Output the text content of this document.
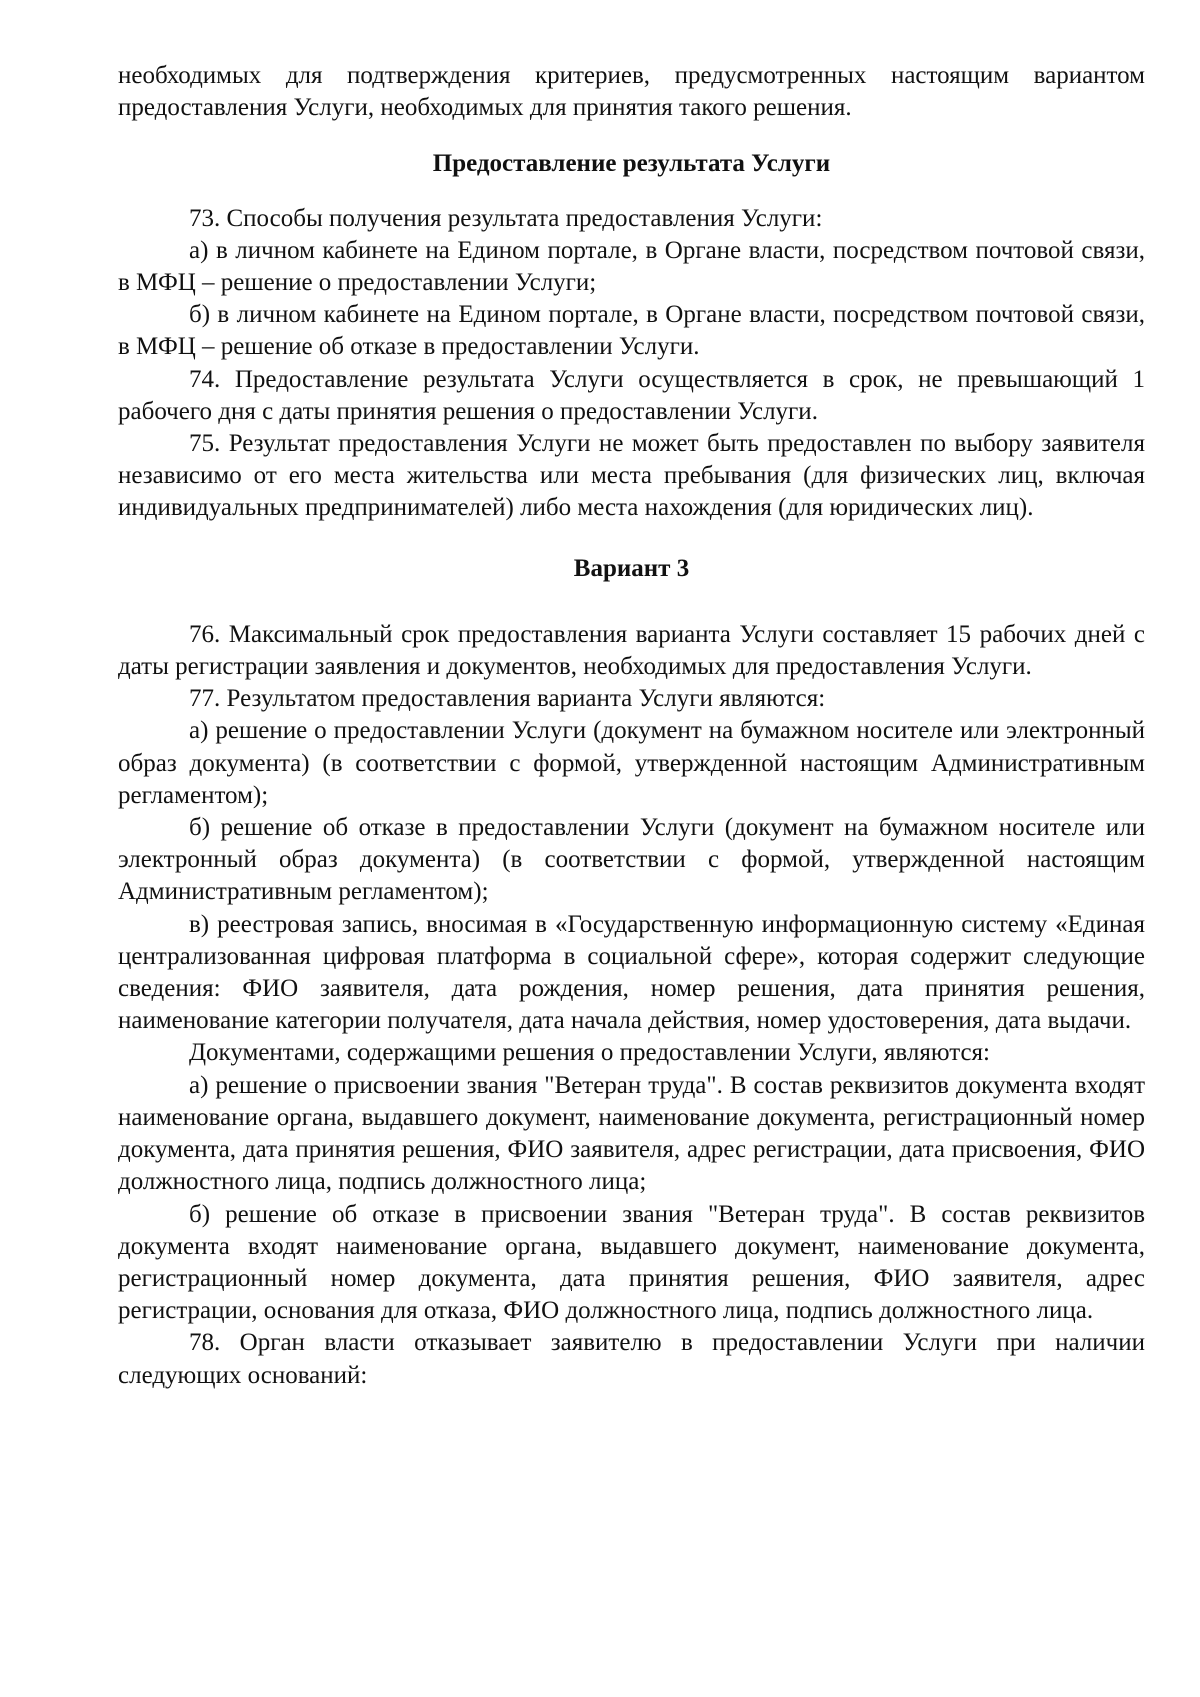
необходимых для подтверждения критериев, предусмотренных настоящим вариантом предоставления Услуги, необходимых для принятия такого решения.

Предоставление результата Услуги

73. Способы получения результата предоставления Услуги:

а) в личном кабинете на Едином портале, в Органе власти, посредством почтовой связи, в МФЦ – решение о предоставлении Услуги;

б) в личном кабинете на Едином портале, в Органе власти, посредством почтовой связи, в МФЦ – решение об отказе в предоставлении Услуги.

74. Предоставление результата Услуги осуществляется в срок, не превышающий 1 рабочего дня с даты принятия решения о предоставлении Услуги.

75. Результат предоставления Услуги не может быть предоставлен по выбору заявителя независимо от его места жительства или места пребывания (для физических лиц, включая индивидуальных предпринимателей) либо места нахождения (для юридических лиц).

Вариант 3

76. Максимальный срок предоставления варианта Услуги составляет 15 рабочих дней с даты регистрации заявления и документов, необходимых для предоставления Услуги.

77. Результатом предоставления варианта Услуги являются:

а) решение о предоставлении Услуги (документ на бумажном носителе или электронный образ документа) (в соответствии с формой, утвержденной настоящим Административным регламентом);

б) решение об отказе в предоставлении Услуги (документ на бумажном носителе или электронный образ документа) (в соответствии с формой, утвержденной настоящим Административным регламентом);

в) реестровая запись, вносимая в «Государственную информационную систему «Единая централизованная цифровая платформа в социальной сфере», которая содержит следующие сведения: ФИО заявителя, дата рождения, номер решения, дата принятия решения, наименование категории получателя, дата начала действия, номер удостоверения, дата выдачи.

Документами, содержащими решения о предоставлении Услуги, являются:

а) решение о присвоении звания "Ветеран труда". В состав реквизитов документа входят наименование органа, выдавшего документ, наименование документа, регистрационный номер документа, дата принятия решения, ФИО заявителя, адрес регистрации, дата присвоения, ФИО должностного лица, подпись должностного лица;

б) решение об отказе в присвоении звания "Ветеран труда". В состав реквизитов документа входят наименование органа, выдавшего документ, наименование документа, регистрационный номер документа, дата принятия решения, ФИО заявителя, адрес регистрации, основания для отказа, ФИО должностного лица, подпись должностного лица.

78. Орган власти отказывает заявителю в предоставлении Услуги при наличии следующих оснований:
